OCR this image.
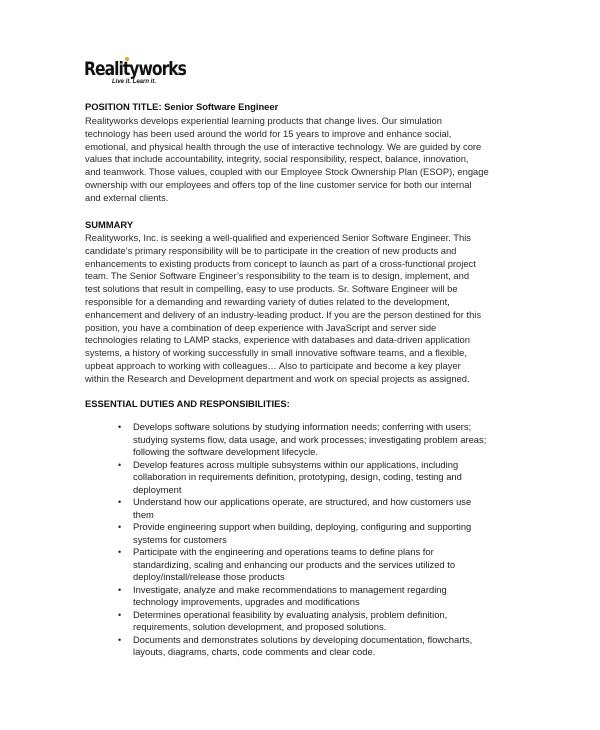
Realityworks
Live it. Learn it.
POSITION TITLE: Senior Software Engineer
Realityworks develops experiential learning products that change lives. Our simulation
technology has been used around the world for 15 years to improve and enhance social,
emotional, and physical health through the use of interactive technology. We are guided by core
values that include accountability, integrity, social responsibility, respect, balance, innovation,
and teamwork. Those values, coupled with our Employee Stock Ownership Plan (ESOP), engage
ownership with our employees and offers top of the line customer service for both our internal
and external clients.
SUMMARY
Realityworks, Inc. is seeking a well-qualified and experienced Senior Software Engineer. This
candidate’s primary responsibility will be to participate in the creation of new products and
enhancements to existing products from concept to launch as part of a cross-functional project
team. The Senior Software Engineer’s responsibility to the team is to design, implement, and
test solutions that result in compelling, easy to use products. Sr. Software Engineer will be
responsible for a demanding and rewarding variety of duties related to the development,
enhancement and delivery of an industry-leading product. If you are the person destined for this
position, you have a combination of deep experience with JavaScript and server side
technologies relating to LAMP stacks, experience with databases and data-driven application
systems, a history of working successfully in small innovative software teams, and a flexible,
upbeat approach to working with colleagues… Also to participate and become a key player
within the Research and Development department and work on special projects as assigned.
ESSENTIAL DUTIES AND RESPONSIBILITIES:
• Develops software solutions by studying information needs; conferring with users;
studying systems flow, data usage, and work processes; investigating problem areas;
following the software development lifecycle.
• Develop features across multiple subsystems within our applications, including
collaboration in requirements definition, prototyping, design, coding, testing and
deployment
• Understand how our applications operate, are structured, and how customers use
them
• Provide engineering support when building, deploying, configuring and supporting
systems for customers
• Participate with the engineering and operations teams to define plans for
standardizing, scaling and enhancing our products and the services utilized to
deploy/install/release those products
• Investigate, analyze and make recommendations to management regarding
technology improvements, upgrades and modifications
• Determines operational feasibility by evaluating analysis, problem definition,
requirements, solution development, and proposed solutions.
• Documents and demonstrates solutions by developing documentation, flowcharts,
layouts, diagrams, charts, code comments and clear code.
